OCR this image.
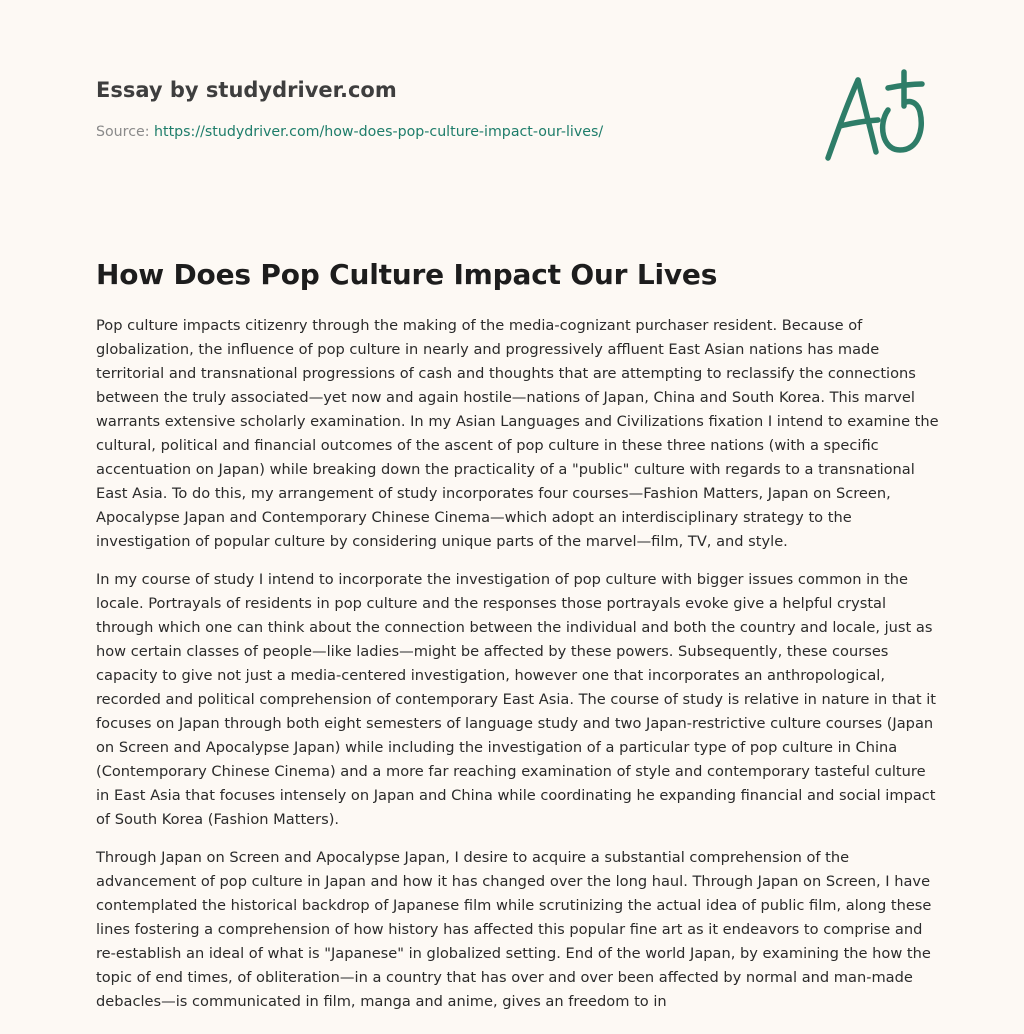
Essay by studydriver.com
Source: https://studydriver.com/how-does-pop-culture-impact-our-lives/
How Does Pop Culture Impact Our Lives

Pop culture impacts citizenry through the making of the media-cognizant purchaser resident. Because of globalization, the influence of pop culture in nearly and progressively affluent East Asian nations has made territorial and transnational progressions of cash and thoughts that are attempting to reclassify the connections between the truly associated—yet now and again hostile—nations of Japan, China and South Korea. This marvel warrants extensive scholarly examination. In my Asian Languages and Civilizations fixation I intend to examine the cultural, political and financial outcomes of the ascent of pop culture in these three nations (with a specific accentuation on Japan) while breaking down the practicality of a "public" culture with regards to a transnational East Asia. To do this, my arrangement of study incorporates four courses—Fashion Matters, Japan on Screen, Apocalypse Japan and Contemporary Chinese Cinema—which adopt an interdisciplinary strategy to the investigation of popular culture by considering unique parts of the marvel—film, TV, and style.

In my course of study I intend to incorporate the investigation of pop culture with bigger issues common in the locale. Portrayals of residents in pop culture and the responses those portrayals evoke give a helpful crystal through which one can think about the connection between the individual and both the country and locale, just as how certain classes of people—like ladies—might be affected by these powers. Subsequently, these courses capacity to give not just a media-centered investigation, however one that incorporates an anthropological, recorded and political comprehension of contemporary East Asia. The course of study is relative in nature in that it focuses on Japan through both eight semesters of language study and two Japan-restrictive culture courses (Japan on Screen and Apocalypse Japan) while including the investigation of a particular type of pop culture in China (Contemporary Chinese Cinema) and a more far reaching examination of style and contemporary tasteful culture in East Asia that focuses intensely on Japan and China while coordinating he expanding financial and social impact of South Korea (Fashion Matters).

Through Japan on Screen and Apocalypse Japan, I desire to acquire a substantial comprehension of the advancement of pop culture in Japan and how it has changed over the long haul. Through Japan on Screen, I have contemplated the historical backdrop of Japanese film while scrutinizing the actual idea of public film, along these lines fostering a comprehension of how history has affected this popular fine art as it endeavors to comprise and re-establish an ideal of what is "Japanese" in globalized setting. End of the world Japan, by examining the how the topic of end times, of obliteration—in a country that has over and over been affected by normal and man-made debacles—is communicated in film, manga and anime, gives an freedom to in
